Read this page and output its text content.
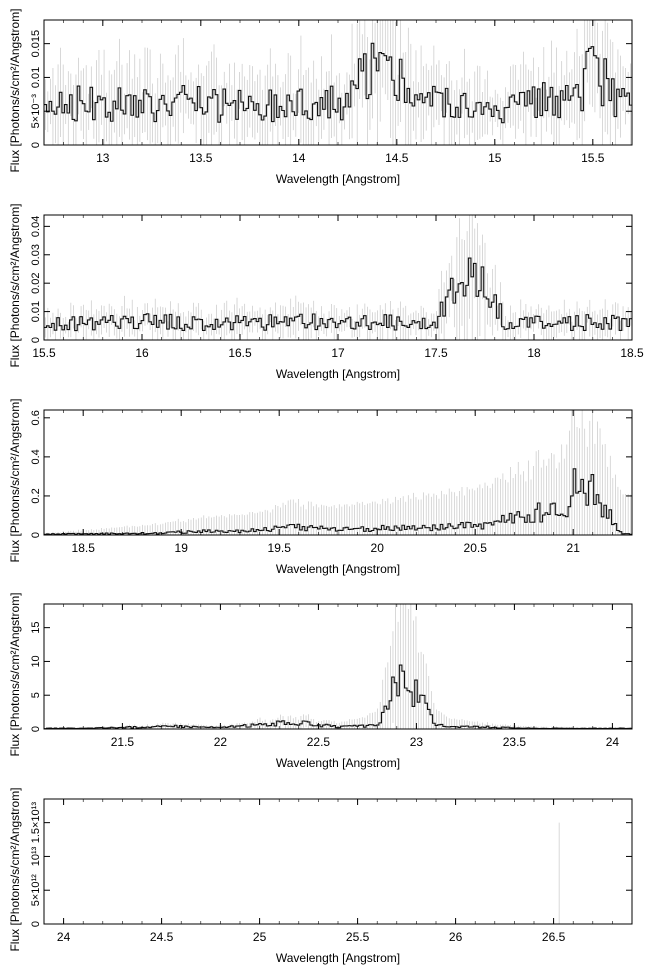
13	13.5	14	14.5	15	15.5
0
5×10⁻³
0.01
0.015
Wavelength [Angstrom]
Flux [Photons/s/cm²/Angstrom]
15.5	16	16.5	17	17.5	18	18.5
0
0.01
0.02
0.03
0.04
Wavelength [Angstrom]
Flux [Photons/s/cm²/Angstrom]
18.5	19	19.5	20	20.5	21
0
0.2
0.4
0.6
Wavelength [Angstrom]
Flux [Photons/s/cm²/Angstrom]
21.5	22	22.5	23	23.5	24
0
5
10
15
Wavelength [Angstrom]
Flux [Photons/s/cm²/Angstrom]
24	24.5	25	25.5	26	26.5
0
5×10¹²
10¹³
1.5×10¹³
Wavelength [Angstrom]
Flux [Photons/s/cm²/Angstrom]
